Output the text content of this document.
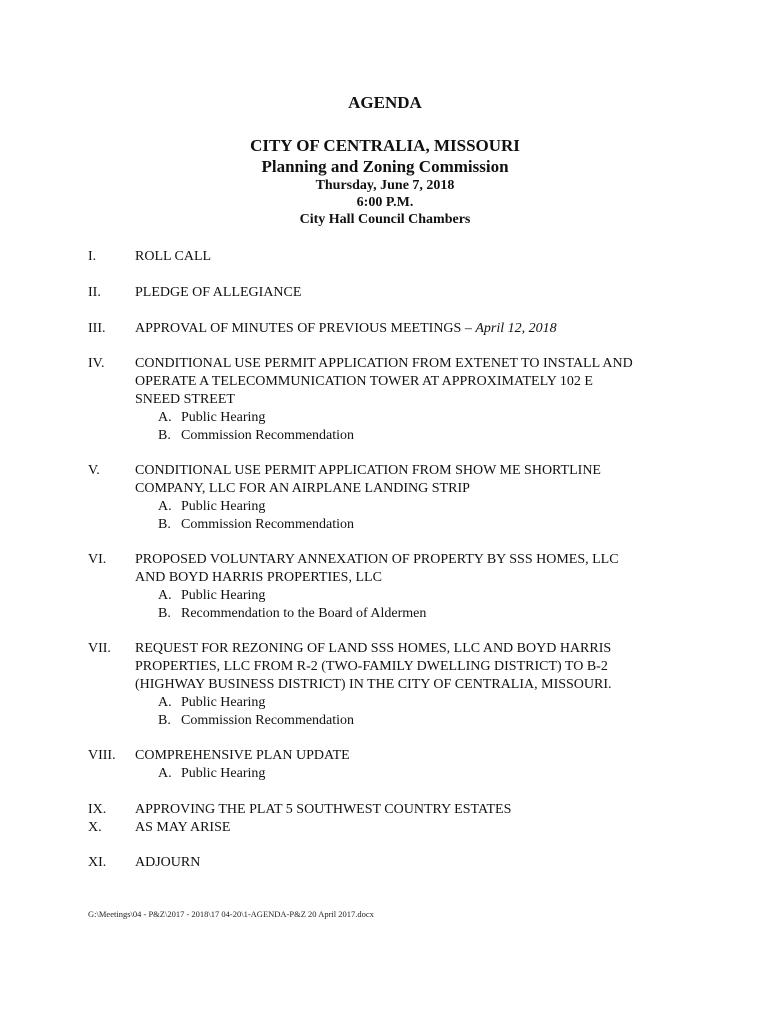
AGENDA
CITY OF CENTRALIA, MISSOURI
Planning and Zoning Commission
Thursday, June 7, 2018
6:00 P.M.
City Hall Council Chambers
I.	ROLL CALL
II.	PLEDGE OF ALLEGIANCE
III.	APPROVAL OF MINUTES OF PREVIOUS MEETINGS – April 12, 2018
IV.	CONDITIONAL USE PERMIT APPLICATION FROM EXTENET TO INSTALL AND
OPERATE A TELECOMMUNICATION TOWER AT APPROXIMATELY 102 E
SNEED STREET
A. Public Hearing
B. Commission Recommendation
V.	CONDITIONAL USE PERMIT APPLICATION FROM SHOW ME SHORTLINE
COMPANY, LLC FOR AN AIRPLANE LANDING STRIP
A. Public Hearing
B. Commission Recommendation
VI.	PROPOSED VOLUNTARY ANNEXATION OF PROPERTY BY SSS HOMES, LLC
AND BOYD HARRIS PROPERTIES, LLC
A. Public Hearing
B. Recommendation to the Board of Aldermen
VII.	REQUEST FOR REZONING OF LAND SSS HOMES, LLC AND BOYD HARRIS
PROPERTIES, LLC FROM R-2 (TWO-FAMILY DWELLING DISTRICT) TO B-2
(HIGHWAY BUSINESS DISTRICT) IN THE CITY OF CENTRALIA, MISSOURI.
A. Public Hearing
B. Commission Recommendation
VIII.	COMPREHENSIVE PLAN UPDATE
A. Public Hearing
IX.	APPROVING THE PLAT 5 SOUTHWEST COUNTRY ESTATES
X.	AS MAY ARISE
XI.	ADJOURN
G:\Meetings\04 - P&Z\2017 - 2018\17 04-20\1-AGENDA-P&Z 20 April 2017.docx
